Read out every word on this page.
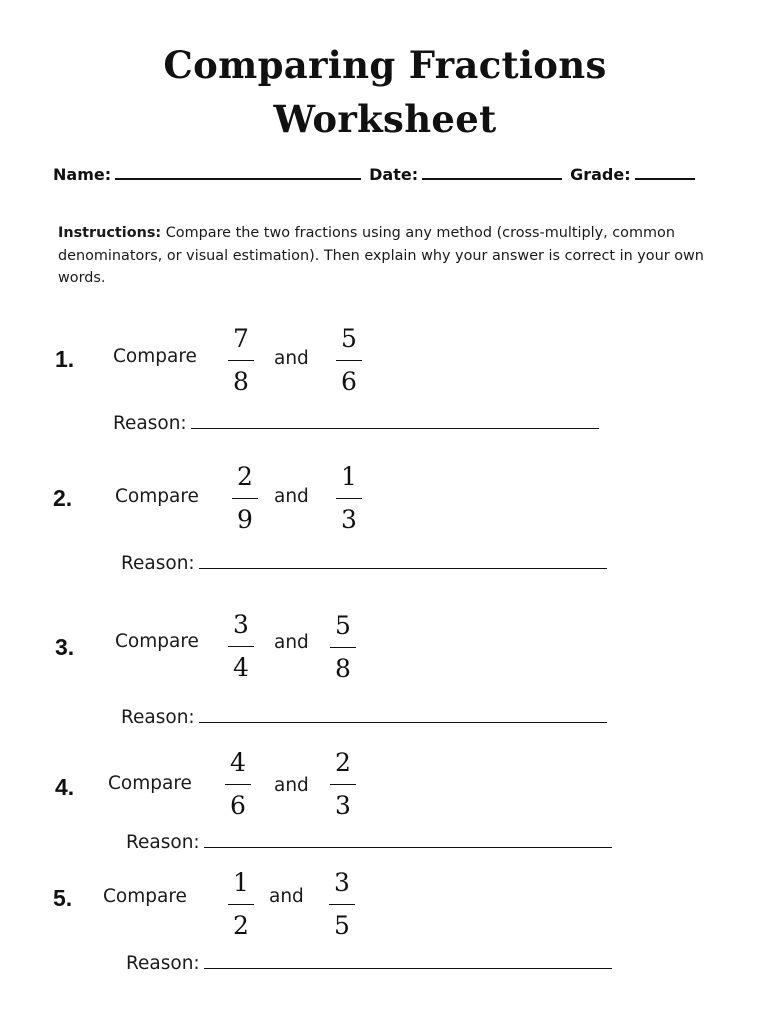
Comparing Fractions
Worksheet
Name:	Date:	Grade:
Instructions: Compare the two fractions using any method (cross-multiply, common denominators, or visual estimation). Then explain why your answer is correct in your own words.
1. Compare
7
8
and
5
6
Reason:
2. Compare
2
9
and
1
3
Reason:
3. Compare
3
4
and
5
8
Reason:
4. Compare
4
6
and
2
3
Reason:
5. Compare 1
2
and 3
5
Reason:
